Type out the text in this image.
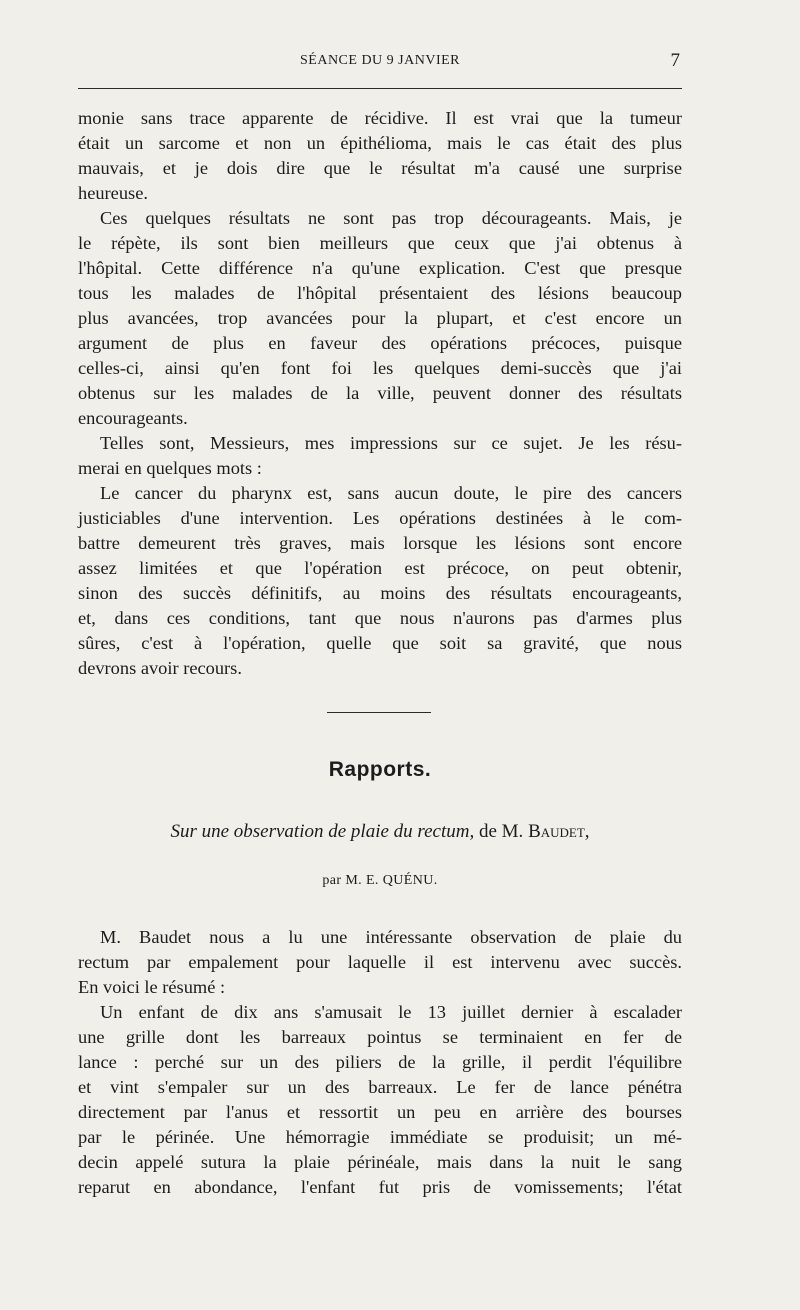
SÉANCE DU 9 JANVIER	7
monie sans trace apparente de récidive. Il est vrai que la tumeur
était un sarcome et non un épithélioma, mais le cas était des plus
mauvais, et je dois dire que le résultat m'a causé une surprise
heureuse.
Ces quelques résultats ne sont pas trop décourageants. Mais, je
le répète, ils sont bien meilleurs que ceux que j'ai obtenus à
l'hôpital. Cette différence n'a qu'une explication. C'est que presque
tous les malades de l'hôpital présentaient des lésions beaucoup
plus avancées, trop avancées pour la plupart, et c'est encore un
argument de plus en faveur des opérations précoces, puisque
celles-ci, ainsi qu'en font foi les quelques demi-succès que j'ai
obtenus sur les malades de la ville, peuvent donner des résultats
encourageants.
Telles sont, Messieurs, mes impressions sur ce sujet. Je les résu-
merai en quelques mots :
Le cancer du pharynx est, sans aucun doute, le pire des cancers
justiciables d'une intervention. Les opérations destinées à le com-
battre demeurent très graves, mais lorsque les lésions sont encore
assez limitées et que l'opération est précoce, on peut obtenir,
sinon des succès définitifs, au moins des résultats encourageants,
et, dans ces conditions, tant que nous n'aurons pas d'armes plus
sûres, c'est à l'opération, quelle que soit sa gravité, que nous
devrons avoir recours.
Rapports.
Sur une observation de plaie du rectum, de M. Baudet,
par M. E. QUÉNU.
M. Baudet nous a lu une intéressante observation de plaie du
rectum par empalement pour laquelle il est intervenu avec succès.
En voici le résumé :
Un enfant de dix ans s'amusait le 13 juillet dernier à escalader
une grille dont les barreaux pointus se terminaient en fer de
lance : perché sur un des piliers de la grille, il perdit l'équilibre
et vint s'empaler sur un des barreaux. Le fer de lance pénétra
directement par l'anus et ressortit un peu en arrière des bourses
par le périnée. Une hémorragie immédiate se produisit; un mé-
decin appelé sutura la plaie périnéale, mais dans la nuit le sang
reparut en abondance, l'enfant fut pris de vomissements; l'état
